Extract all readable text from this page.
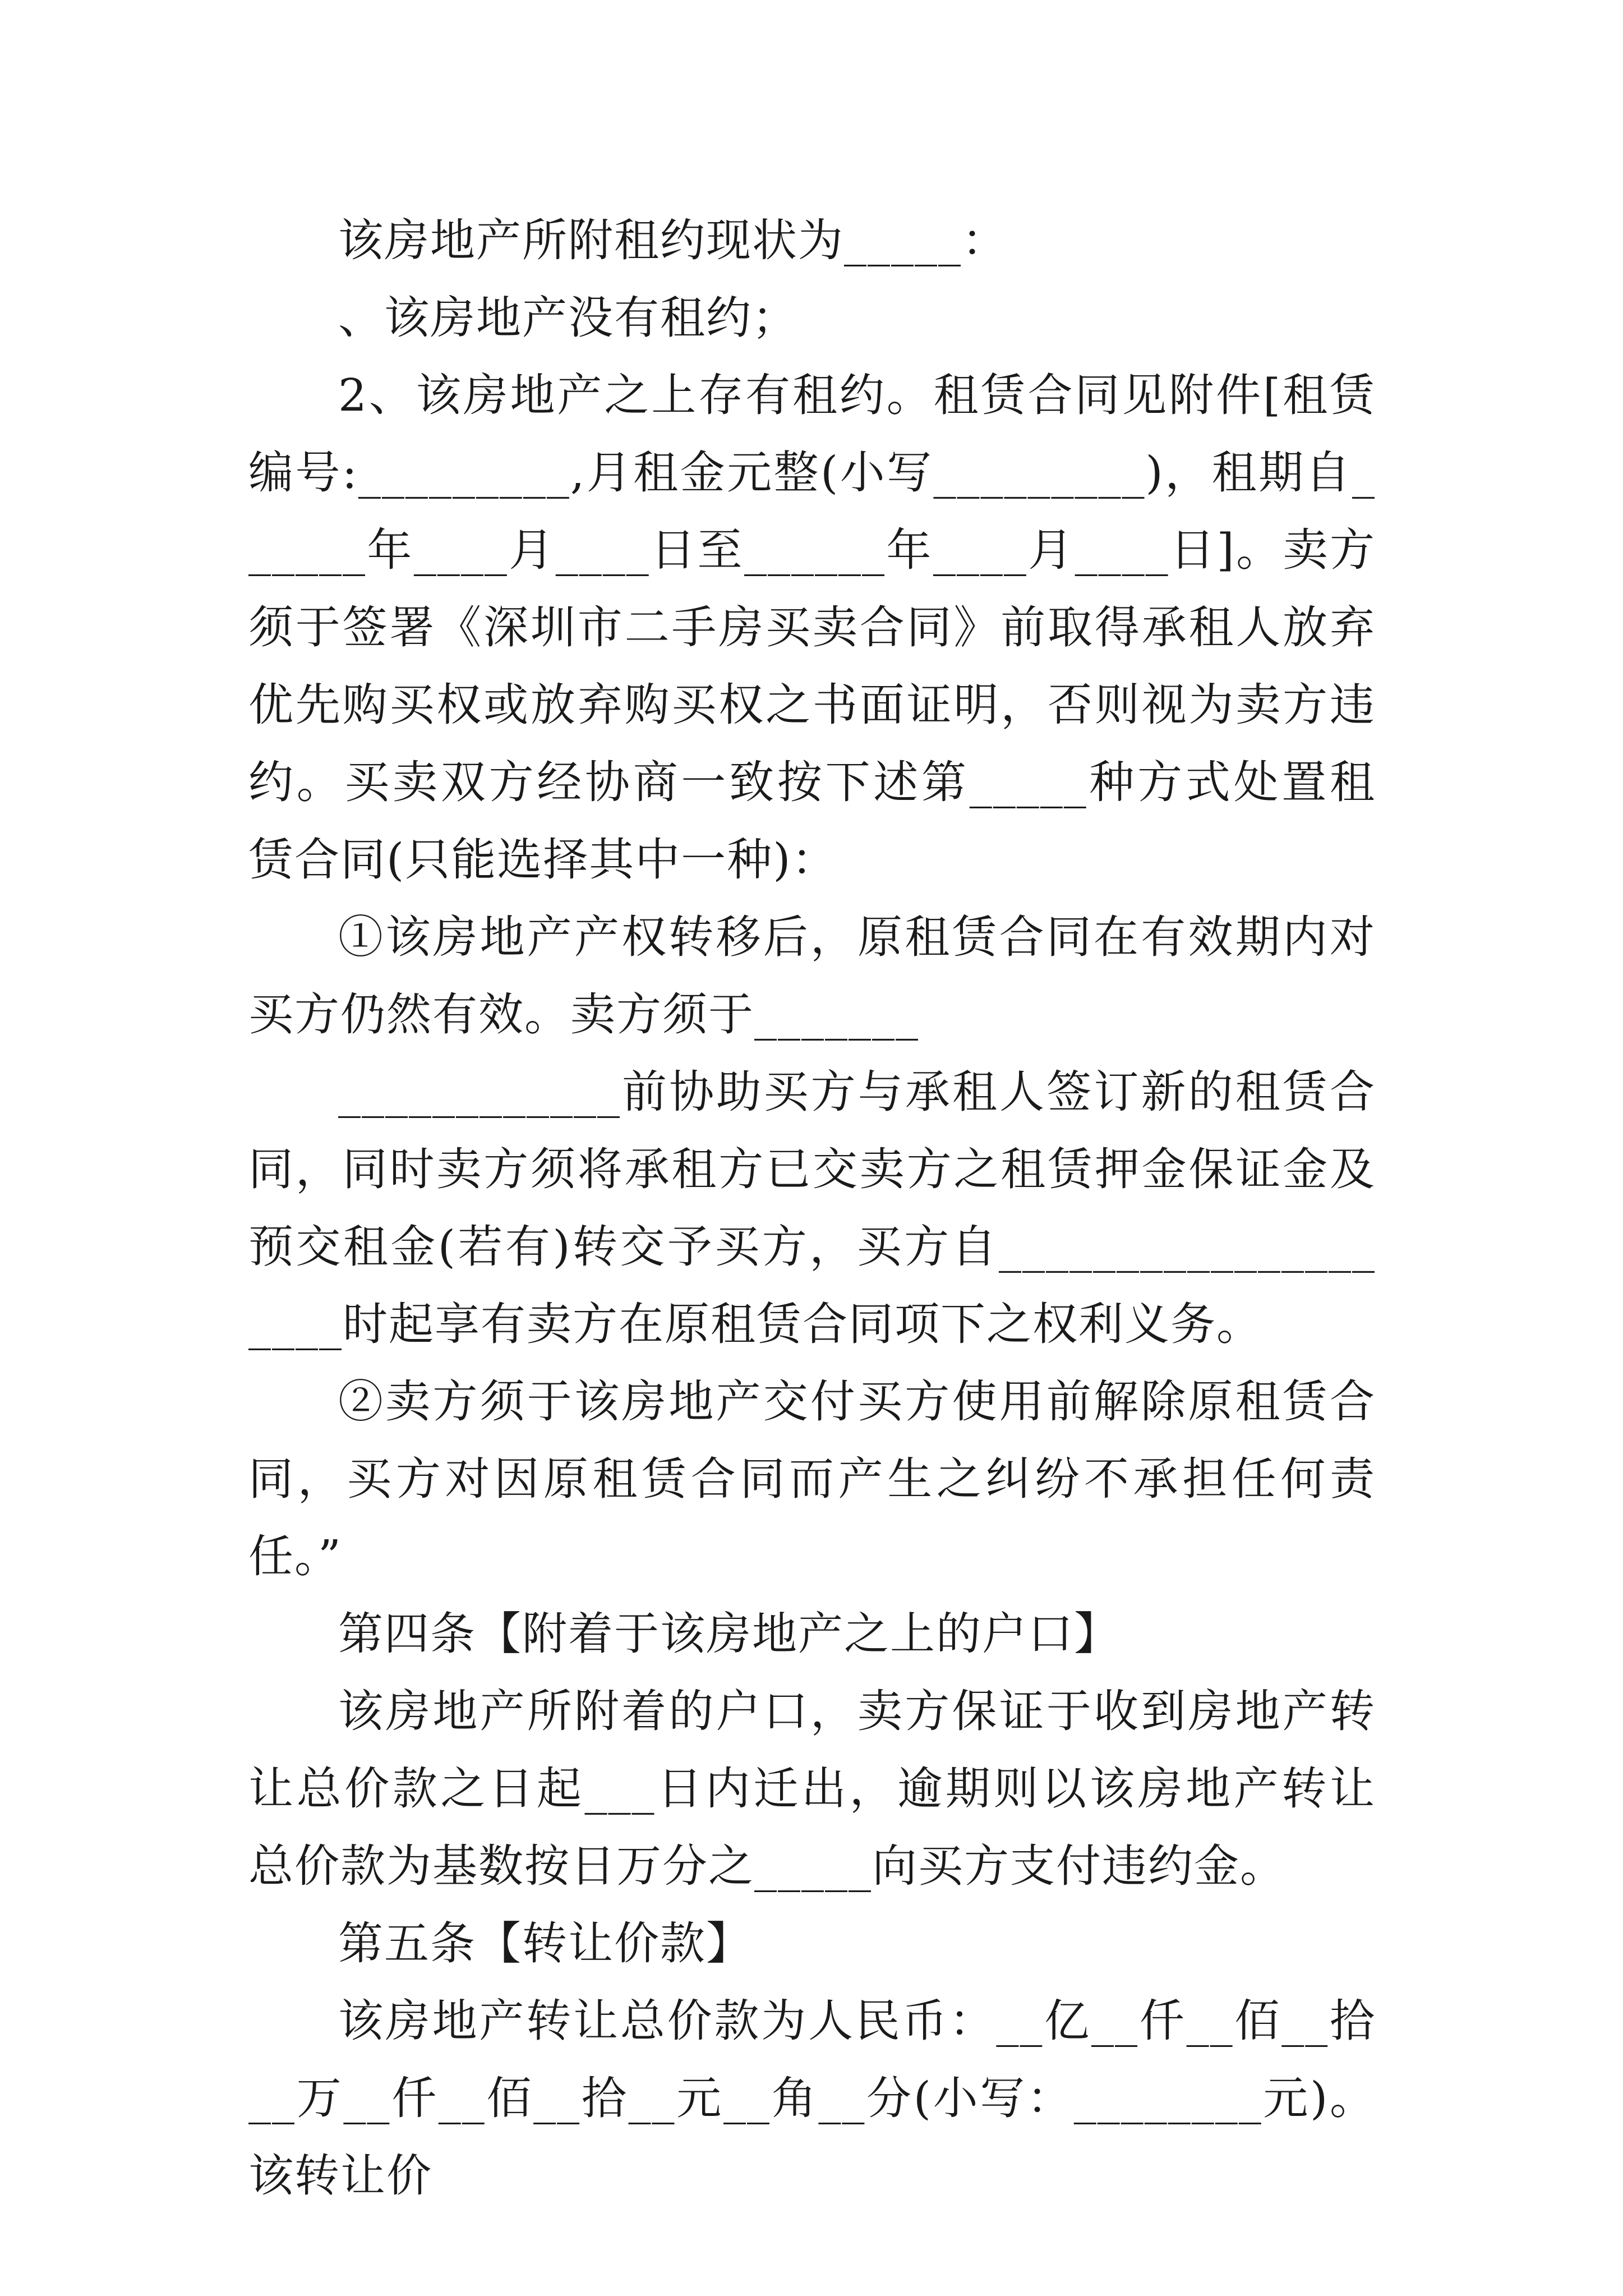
该房地产所附租约现状为_____：

、该房地产没有租约；

2、该房地产之上存有租约。租赁合同见附件[租赁编号:_________,月租金元整(小写_________)，租期自______年____月____日至______年____月____日]。卖方须于签署《深圳市二手房买卖合同》前取得承租人放弃优先购买权或放弃购买权之书面证明，否则视为卖方违约。买卖双方经协商一致按下述第_____种方式处置租赁合同(只能选择其中一种)：

①该房地产产权转移后，原租赁合同在有效期内对买方仍然有效。卖方须于_______

____________前协助买方与承租人签订新的租赁合同，同时卖方须将承租方已交卖方之租赁押金保证金及预交租金(若有)转交予买方，买方自____________________时起享有卖方在原租赁合同项下之权利义务。

②卖方须于该房地产交付买方使用前解除原租赁合同，买方对因原租赁合同而产生之纠纷不承担任何责任。”

第四条【附着于该房地产之上的户口】

该房地产所附着的户口，卖方保证于收到房地产转让总价款之日起___日内迁出，逾期则以该房地产转让总价款为基数按日万分之_____向买方支付违约金。

第五条【转让价款】

该房地产转让总价款为人民币：__亿__仟__佰__拾__万__仟__佰__拾__元__角__分(小写：________元)。该转让价
